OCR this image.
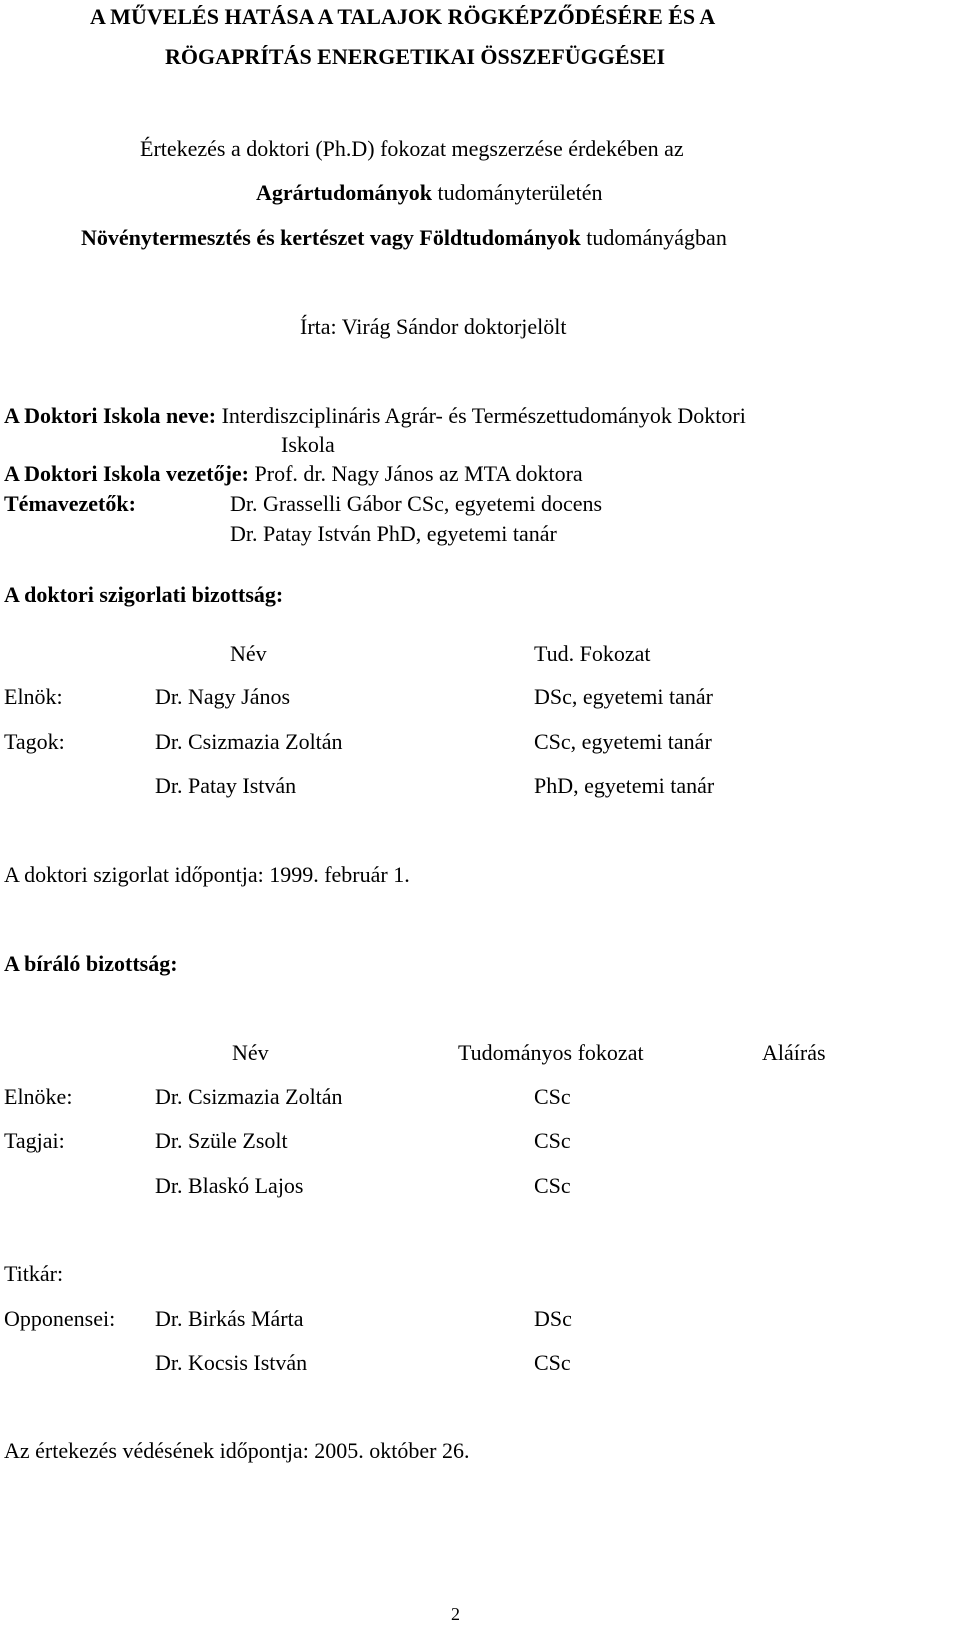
A MŰVELÉS HATÁSA A TALAJOK RÖGKÉPZŐDÉSÉRE ÉS A
RÖGAPRÍTÁS ENERGETIKAI ÖSSZEFÜGGÉSEI
Értekezés a doktori (Ph.D) fokozat megszerzése érdekében az
Agrártudományok tudományterületén
Növénytermesztés és kertészet vagy Földtudományok tudományágban
Írta: Virág Sándor doktorjelölt
A Doktori Iskola neve: Interdiszciplináris Agrár- és Természettudományok Doktori
Iskola
A Doktori Iskola vezetője: Prof. dr. Nagy János az MTA doktora
Témavezetők:	Dr. Grasselli Gábor CSc, egyetemi docens
Dr. Patay István PhD, egyetemi tanár
A doktori szigorlati bizottság:
Név	Tud. Fokozat
Elnök:	Dr. Nagy János	DSc, egyetemi tanár
Tagok:	Dr. Csizmazia Zoltán	CSc, egyetemi tanár
Dr. Patay István	PhD, egyetemi tanár
A doktori szigorlat időpontja: 1999. február 1.
A bíráló bizottság:
Név	Tudományos fokozat	Aláírás
Elnöke:	Dr. Csizmazia Zoltán	CSc
Tagjai:	Dr. Szüle Zsolt	CSc
Dr. Blaskó Lajos	CSc
Titkár:
Opponensei: Dr. Birkás Márta	DSc
Dr. Kocsis István	CSc
Az értekezés védésének időpontja: 2005. október 26.
2
